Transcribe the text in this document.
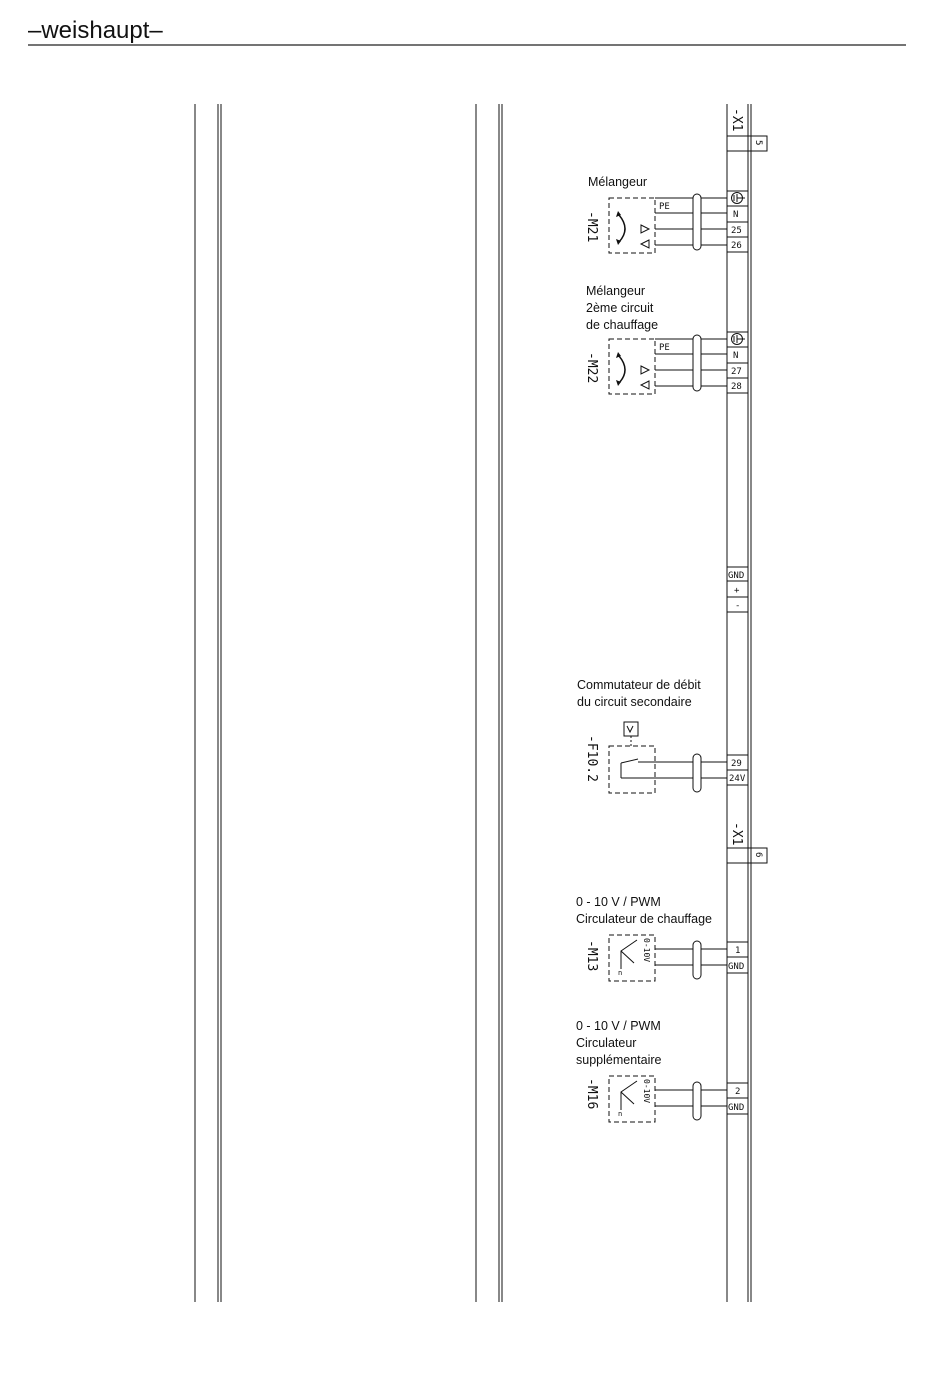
–weishaupt–
-X1
5
-X1
6
N
25
26
N
27
28
GND
+
-
29
24V
1
GND
2
GND
Mélangeur
-M21
PE
Mélangeur
2ème circuit
de chauffage
-M22
PE
Commutateur de débit
du circuit secondaire
-F10.2
0 - 10 V / PWM
Circulateur de chauffage
-M13
n
0-10V
0 - 10 V / PWM
Circulateur
supplémentaire
-M16
n
0-10V
